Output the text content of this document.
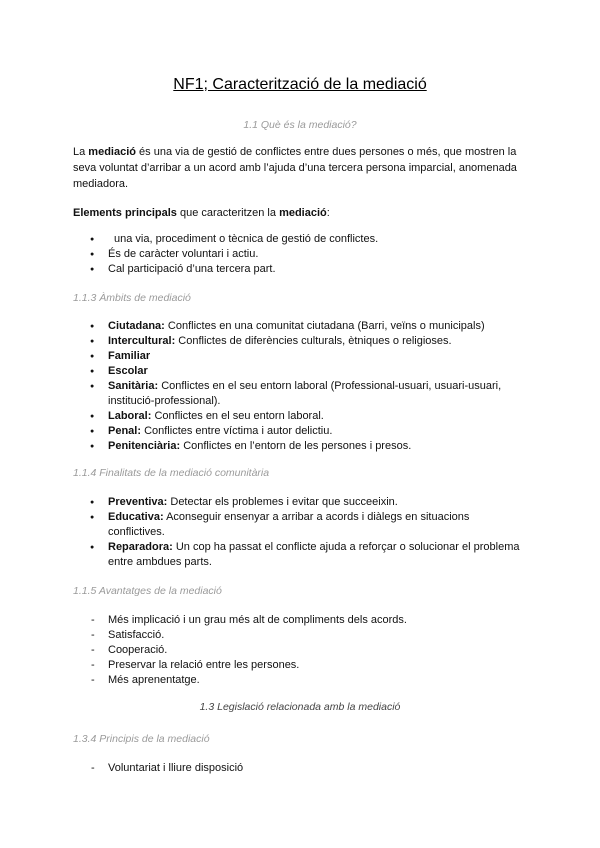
NF1; Caracterització de la mediació
1.1 Què és la mediació?
La mediació és una via de gestió de conflictes entre dues persones o més, que mostren la seva voluntat d’arribar a un acord amb l’ajuda d’una tercera persona imparcial, anomenada mediadora.
Elements principals que caracteritzen la mediació:
● una via, procediment o tècnica de gestió de conflictes.
● És de caràcter voluntari i actiu.
● Cal participació d’una tercera part.
1.1.3 Àmbits de mediació
● Ciutadana: Conflictes en una comunitat ciutadana (Barri, veïns o municipals)
● Intercultural: Conflictes de diferències culturals, ètniques o religioses.
● Familiar
● Escolar
● Sanitària: Conflictes en el seu entorn laboral (Professional-usuari, usuari-usuari, institució-professional).
● Laboral: Conflictes en el seu entorn laboral.
● Penal: Conflictes entre víctima i autor delictiu.
● Penitenciària: Conflictes en l’entorn de les persones i presos.
1.1.4 Finalitats de la mediació comunitària
● Preventiva: Detectar els problemes i evitar que succeeixin.
● Educativa: Aconseguir ensenyar a arribar a acords i diàlegs en situacions conflictives.
● Reparadora: Un cop ha passat el conflicte ajuda a reforçar o solucionar el problema entre ambdues parts.
1.1.5 Avantatges de la mediació
- Més implicació i un grau més alt de compliments dels acords.
- Satisfacció.
- Cooperació.
- Preservar la relació entre les persones.
- Més aprenentatge.
1.3 Legislació relacionada amb la mediació
1.3.4 Principis de la mediació
- Voluntariat i lliure disposició
